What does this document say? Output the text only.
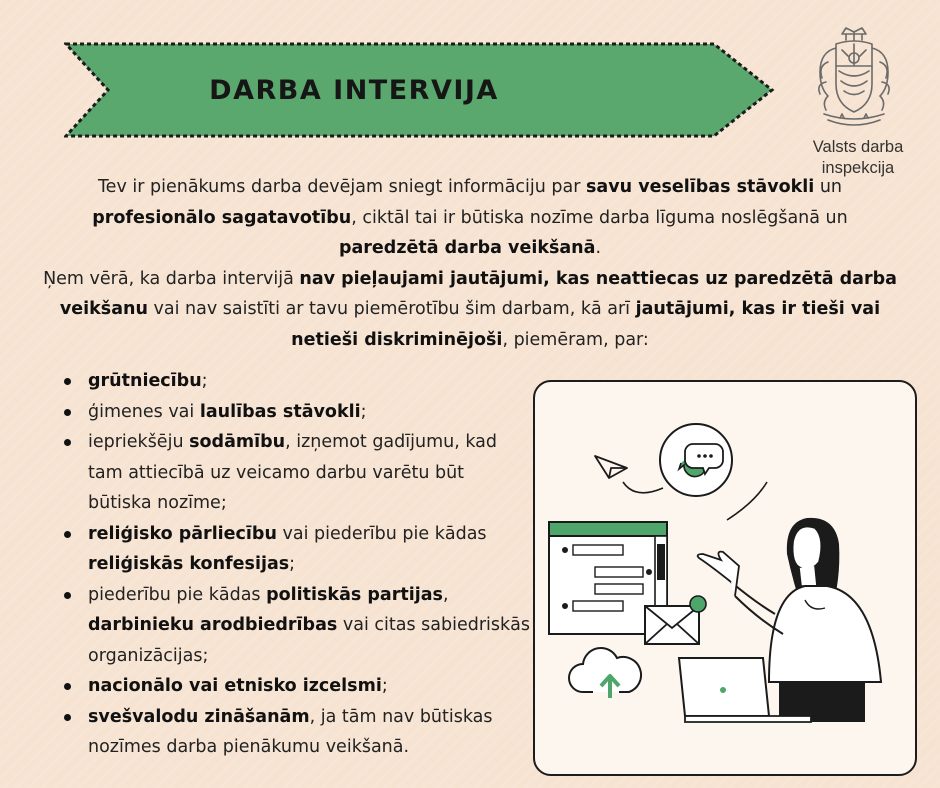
DARBA INTERVIJA
Valsts darba
inspekcija
Tev ir pienākums darba devējam sniegt informāciju par savu veselības stāvokli un profesionālo sagatavotību, ciktāl tai ir būtiska nozīme darba līguma noslēgšanā un paredzētā darba veikšanā.
Ņem vērā, ka darba intervijā nav pieļaujami jautājumi, kas neattiecas uz paredzētā darba veikšanu vai nav saistīti ar tavu piemērotību šim darbam, kā arī jautājumi, kas ir tieši vai netieši diskriminējoši, piemēram, par:
grūtniecību;
ģimenes vai laulības stāvokli;
iepriekšēju sodāmību, izņemot gadījumu, kad tam attiecībā uz veicamo darbu varētu būt būtiska nozīme;
reliģisko pārliecību vai piederību pie kādas reliģiskās konfesijas;
piederību pie kādas politiskās partijas, darbinieku arodbiedrības vai citas sabiedriskās organizācijas;
nacionālo vai etnisko izcelsmi;
svešvalodu zināšanām, ja tām nav būtiskas nozīmes darba pienākumu veikšanā.
